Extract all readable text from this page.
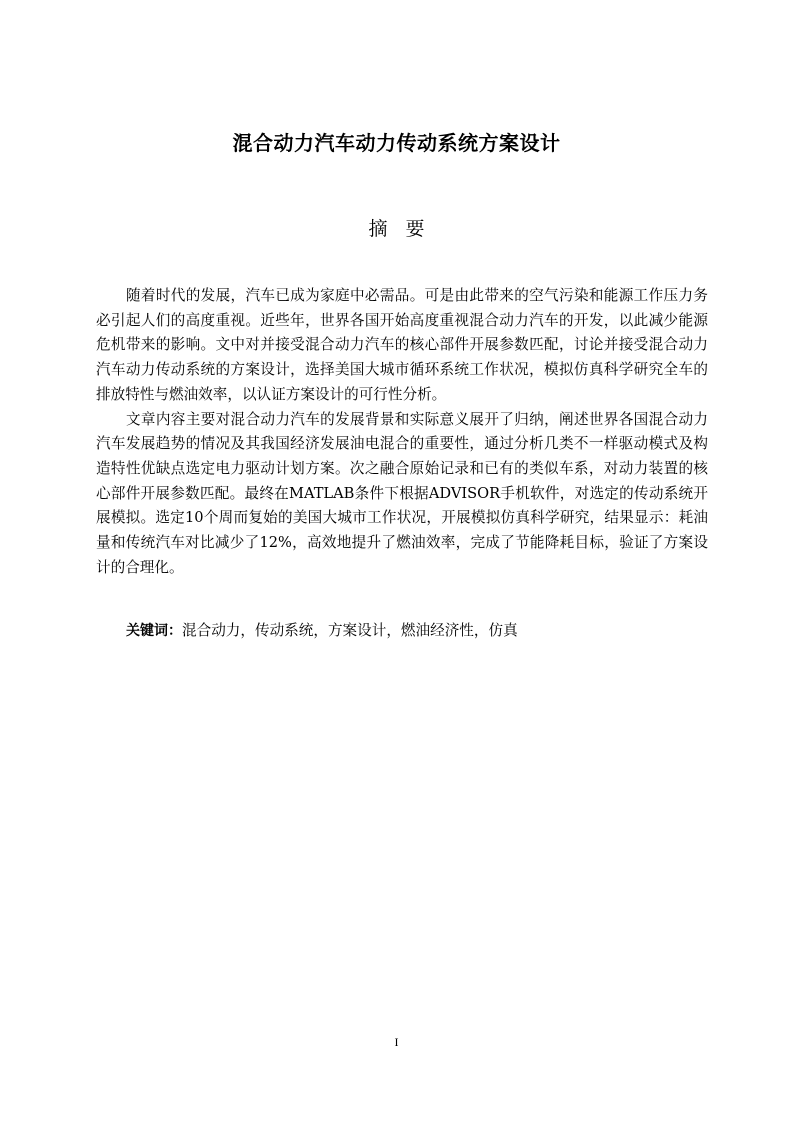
混合动力汽车动力传动系统方案设计
摘 要

随着时代的发展，汽车已成为家庭中必需品。可是由此带来的空气污染和能源工作压力务必引起人们的高度重视。近些年，世界各国开始高度重视混合动力汽车的开发，以此减少能源危机带来的影响。文中对并接受混合动力汽车的核心部件开展参数匹配，讨论并接受混合动力汽车动力传动系统的方案设计，选择美国大城市循环系统工作状况，模拟仿真科学研究全车的排放特性与燃油效率，以认证方案设计的可行性分析。

文章内容主要对混合动力汽车的发展背景和实际意义展开了归纳，阐述世界各国混合动力汽车发展趋势的情况及其我国经济发展油电混合的重要性，通过分析几类不一样驱动模式及构造特性优缺点选定电力驱动计划方案。次之融合原始记录和已有的类似车系，对动力装置的核心部件开展参数匹配。最终在MATLAB条件下根据ADVISOR手机软件，对选定的传动系统开展模拟。选定10个周而复始的美国大城市工作状况，开展模拟仿真科学研究，结果显示：耗油量和传统汽车对比减少了12%，高效地提升了燃油效率，完成了节能降耗目标，验证了方案设计的合理化。

关键词：混合动力，传动系统，方案设计，燃油经济性，仿真

I
